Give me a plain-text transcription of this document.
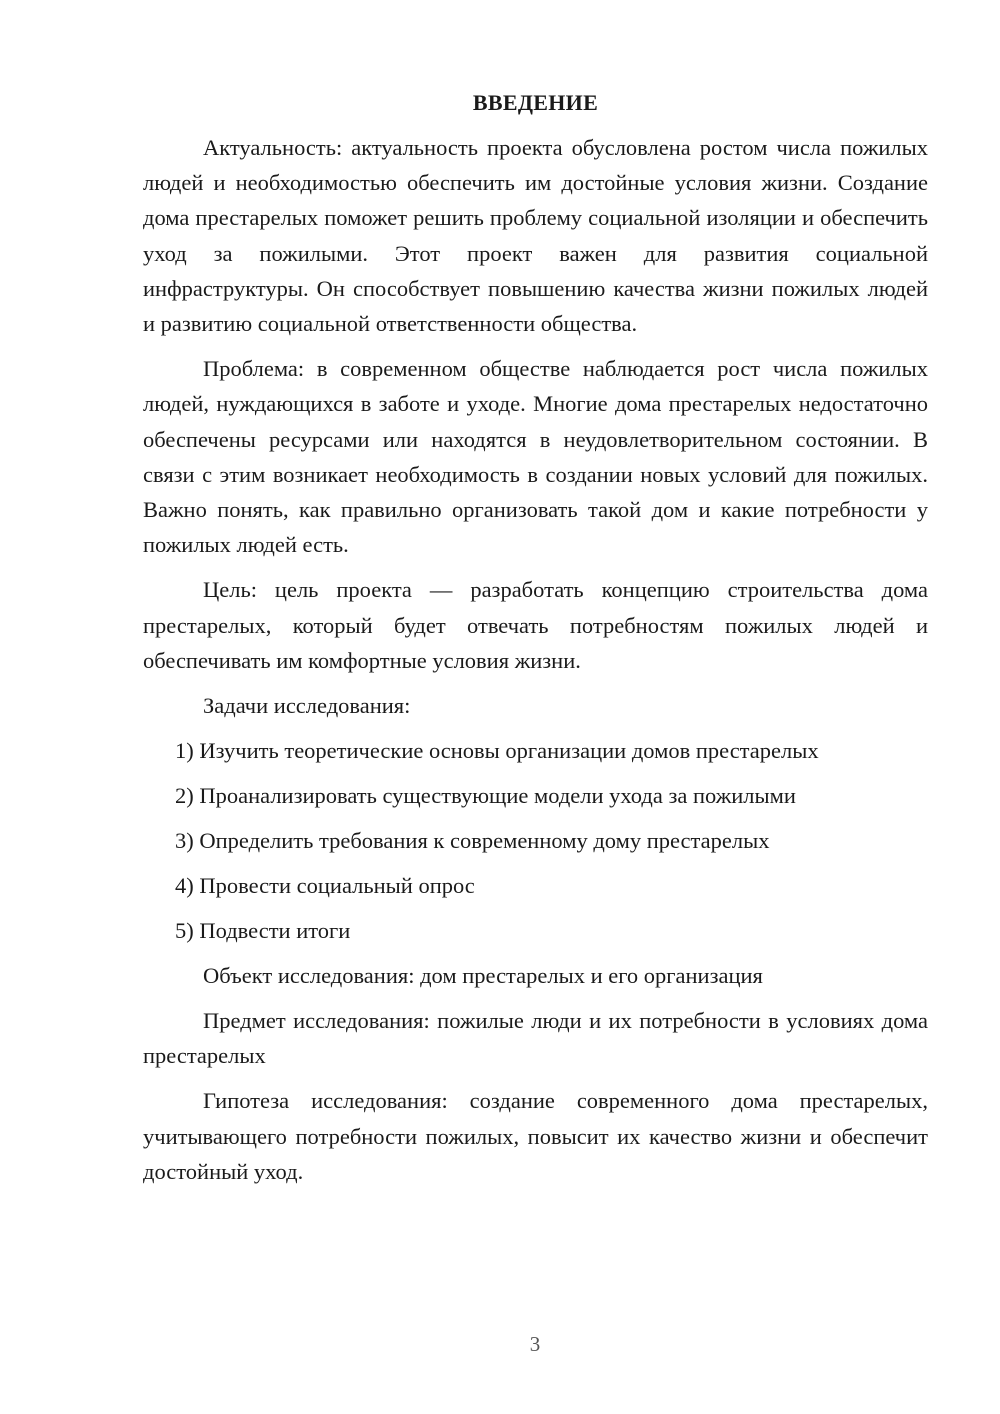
ВВЕДЕНИЕ

Актуальность: актуальность проекта обусловлена ростом числа пожилых людей и необходимостью обеспечить им достойные условия жизни. Создание дома престарелых поможет решить проблему социальной изоляции и обеспечить уход за пожилыми. Этот проект важен для развития социальной инфраструктуры. Он способствует повышению качества жизни пожилых людей и развитию социальной ответственности общества.

Проблема: в современном обществе наблюдается рост числа пожилых людей, нуждающихся в заботе и уходе. Многие дома престарелых недостаточно обеспечены ресурсами или находятся в неудовлетворительном состоянии. В связи с этим возникает необходимость в создании новых условий для пожилых. Важно понять, как правильно организовать такой дом и какие потребности у пожилых людей есть.

Цель: цель проекта — разработать концепцию строительства дома престарелых, который будет отвечать потребностям пожилых людей и обеспечивать им комфортные условия жизни.

Задачи исследования:

1) Изучить теоретические основы организации домов престарелых
2) Проанализировать существующие модели ухода за пожилыми
3) Определить требования к современному дому престарелых
4) Провести социальный опрос
5) Подвести итоги

Объект исследования: дом престарелых и его организация

Предмет исследования: пожилые люди и их потребности в условиях дома престарелых

Гипотеза исследования: создание современного дома престарелых, учитывающего потребности пожилых, повысит их качество жизни и обеспечит достойный уход.

3
